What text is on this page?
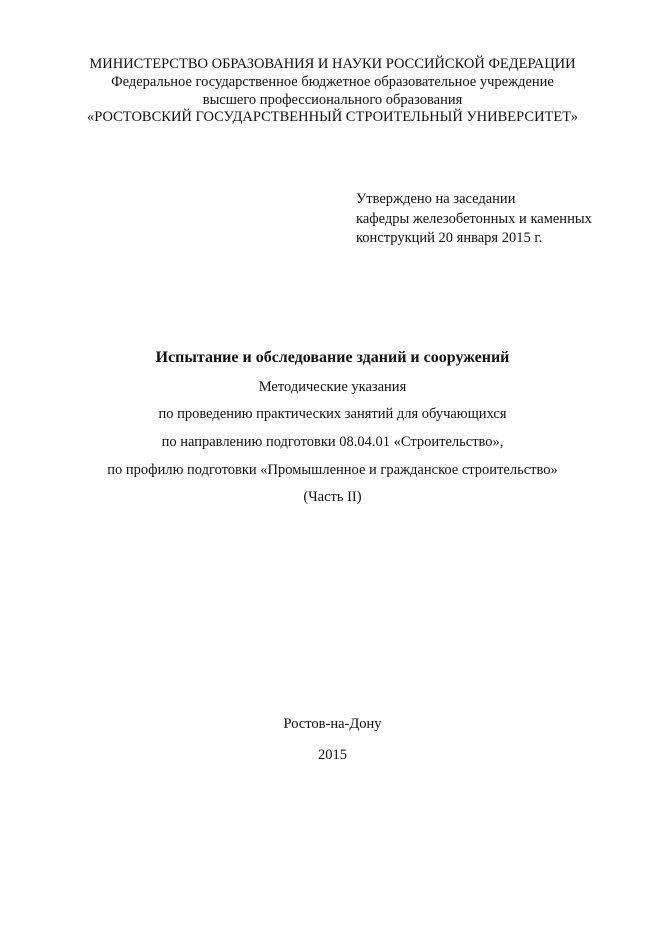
МИНИСТЕРСТВО ОБРАЗОВАНИЯ И НАУКИ РОССИЙСКОЙ ФЕДЕРАЦИИ
Федеральное государственное бюджетное образовательное учреждение
высшего профессионального образования
«РОСТОВСКИЙ ГОСУДАРСТВЕННЫЙ СТРОИТЕЛЬНЫЙ УНИВЕРСИТЕТ»
Утверждено на заседании
кафедры железобетонных и каменных
конструкций 20 января 2015 г.
Испытание и обследование зданий и сооружений
Методические указания
по проведению практических занятий для обучающихся
по направлению подготовки 08.04.01 «Строительство»,
по профилю подготовки «Промышленное и гражданское строительство»
(Часть II)
Ростов-на-Дону
2015
